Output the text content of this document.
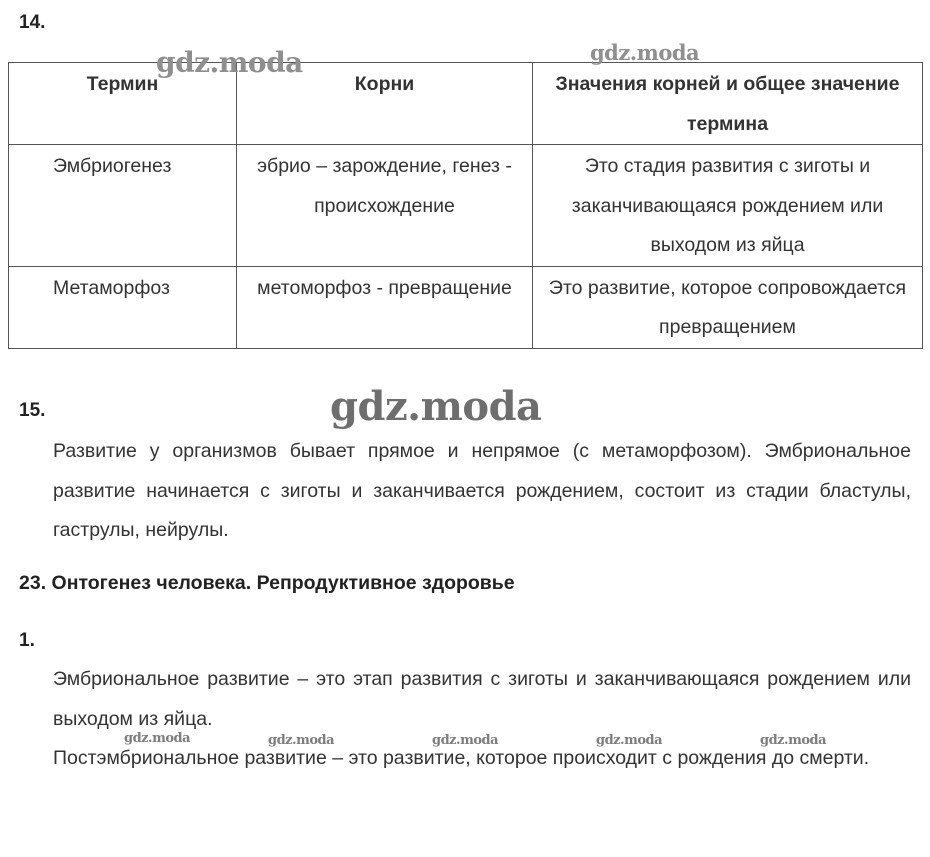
14.
Термин	Корни	Значения корней и общее значение термина
Эмбриогенез	эбрио – зарождение, генез - происхождение	Это стадия развития с зиготы и заканчивающаяся рождением или выходом из яйца
Метаморфоз	метоморфоз - превращение	Это развитие, которое сопровождается превращением
15.
Развитие у организмов бывает прямое и непрямое (с метаморфозом). Эмбриональное развитие начинается с зиготы и заканчивается рождением, состоит из стадии бластулы, гаструлы, нейрулы.
23. Онтогенез человека. Репродуктивное здоровье
1.
Эмбриональное развитие – это этап развития с зиготы и заканчивающаяся рождением или выходом из яйца.
Постэмбриональное развитие – это развитие, которое происходит с рождения до смерти.
gdz.moda	gdz.moda
gdz.moda
gdz.moda	gdz.moda	gdz.moda	gdz.moda	gdz.moda
